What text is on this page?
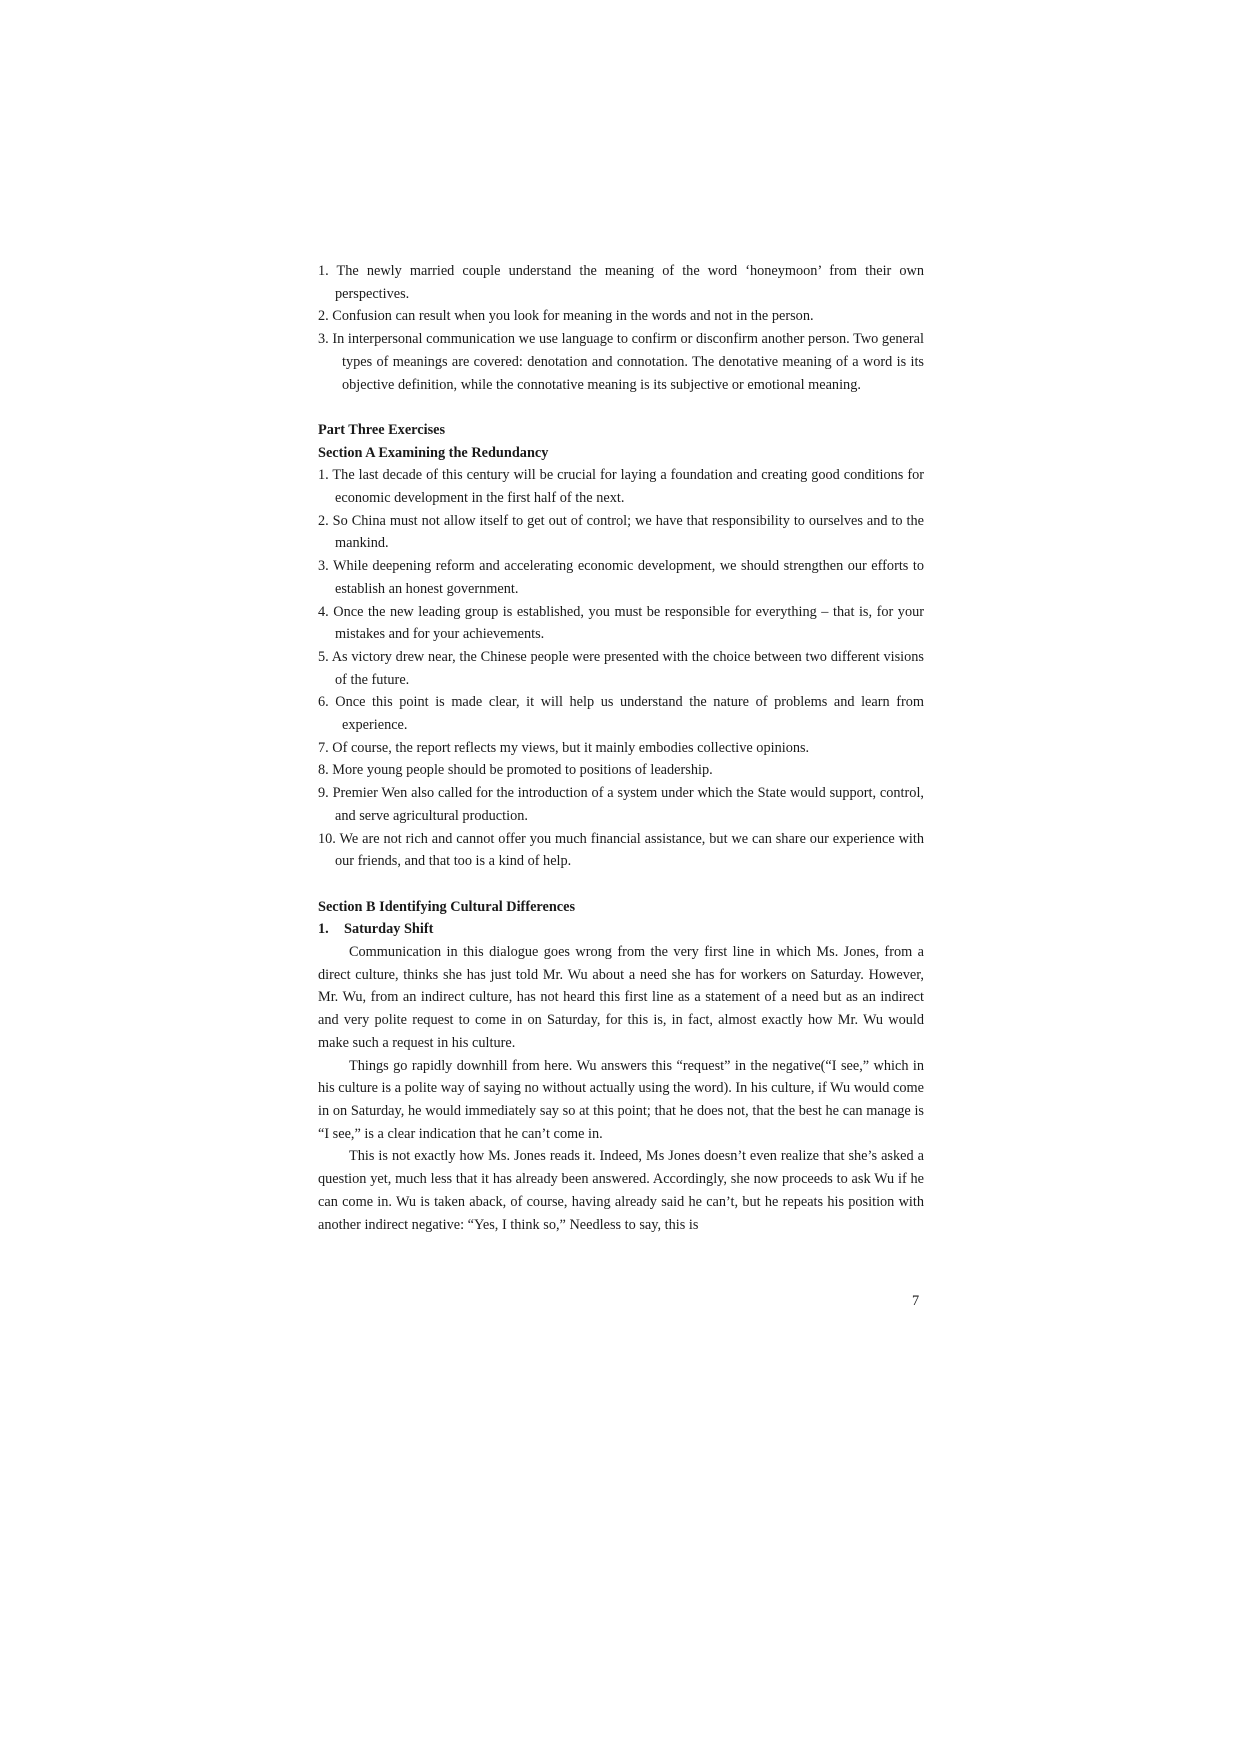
1. The newly married couple understand the meaning of the word ‘honeymoon’ from their own perspectives.

2. Confusion can result when you look for meaning in the words and not in the person.

3. In interpersonal communication we use language to confirm or disconfirm another person. Two general types of meanings are covered: denotation and connotation. The denotative meaning of a word is its objective definition, while the connotative meaning is its subjective or emotional meaning.

Part Three Exercises

Section A Examining the Redundancy

1. The last decade of this century will be crucial for laying a foundation and creating good conditions for economic development in the first half of the next.

2. So China must not allow itself to get out of control; we have that responsibility to ourselves and to the mankind.

3. While deepening reform and accelerating economic development, we should strengthen our efforts to establish an honest government.

4. Once the new leading group is established, you must be responsible for everything – that is, for your mistakes and for your achievements.

5. As victory drew near, the Chinese people were presented with the choice between two different visions of the future.

6. Once this point is made clear, it will help us understand the nature of problems and learn from experience.

7. Of course, the report reflects my views, but it mainly embodies collective opinions.

8. More young people should be promoted to positions of leadership.

9. Premier Wen also called for the introduction of a system under which the State would support, control, and serve agricultural production.

10. We are not rich and cannot offer you much financial assistance, but we can share our experience with our friends, and that too is a kind of help.

Section B Identifying Cultural Differences

1. Saturday Shift

Communication in this dialogue goes wrong from the very first line in which Ms. Jones, from a direct culture, thinks she has just told Mr. Wu about a need she has for workers on Saturday. However, Mr. Wu, from an indirect culture, has not heard this first line as a statement of a need but as an indirect and very polite request to come in on Saturday, for this is, in fact, almost exactly how Mr. Wu would make such a request in his culture.

Things go rapidly downhill from here. Wu answers this “request” in the negative(“I see,” which in his culture is a polite way of saying no without actually using the word). In his culture, if Wu would come in on Saturday, he would immediately say so at this point; that he does not, that the best he can manage is “I see,” is a clear indication that he can’t come in.

This is not exactly how Ms. Jones reads it. Indeed, Ms Jones doesn’t even realize that she’s asked a question yet, much less that it has already been answered. Accordingly, she now proceeds to ask Wu if he can come in. Wu is taken aback, of course, having already said he can’t, but he repeats his position with another indirect negative: “Yes, I think so,” Needless to say, this is

7
